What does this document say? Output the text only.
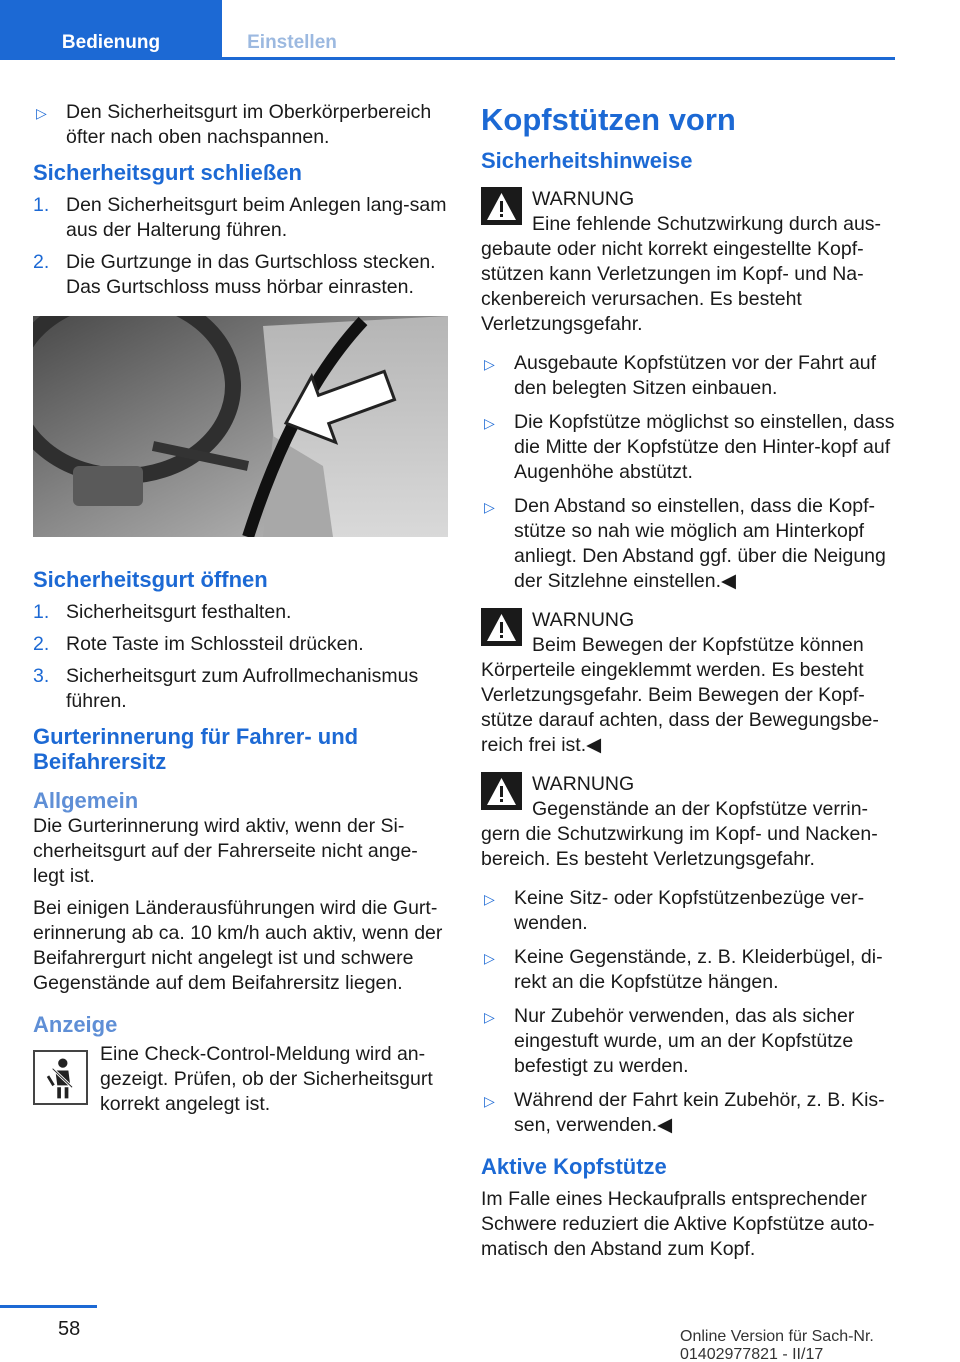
Bedienung	Einstellen
▷ Den Sicherheitsgurt im Oberkörperbereich öfter nach oben nachspannen.
Sicherheitsgurt schließen
1. Den Sicherheitsgurt beim Anlegen lang‐sam aus der Halterung führen.
2. Die Gurtzunge in das Gurtschloss stecken. Das Gurtschloss muss hörbar einrasten.
Sicherheitsgurt öffnen
1. Sicherheitsgurt festhalten.
2. Rote Taste im Schlossteil drücken.
3. Sicherheitsgurt zum Aufrollmechanismus führen.
Gurterinnerung für Fahrer- und Beifahrersitz
Allgemein

Die Gurterinnerung wird aktiv, wenn der Si‐cherheitsgurt auf der Fahrerseite nicht ange‐legt ist.

Bei einigen Länderausführungen wird die Gurt‐erinnerung ab ca. 10 km/h auch aktiv, wenn der Beifahrergurt nicht angelegt ist und schwere Gegenstände auf dem Beifahrersitz liegen.

Anzeige

Eine Check-Control-Meldung wird an‐gezeigt. Prüfen, ob der Sicherheitsgurt korrekt angelegt ist.

Kopfstützen vorn
Sicherheitshinweise

WARNUNG

Eine fehlende Schutzwirkung durch aus‐gebaute oder nicht korrekt eingestellte Kopf‐stützen kann Verletzungen im Kopf- und Na‐ckenbereich verursachen. Es besteht Verletzungsgefahr.

▷ Ausgebaute Kopfstützen vor der Fahrt auf den belegten Sitzen einbauen.
▷ Die Kopfstütze möglichst so einstellen, dass die Mitte der Kopfstütze den Hinter‐kopf auf Augenhöhe abstützt.
▷ Den Abstand so einstellen, dass die Kopf‐stütze so nah wie möglich am Hinterkopf anliegt. Den Abstand ggf. über die Neigung der Sitzlehne einstellen.◀

WARNUNG

Beim Bewegen der Kopfstütze können Körperteile eingeklemmt werden. Es besteht Verletzungsgefahr. Beim Bewegen der Kopf‐stütze darauf achten, dass der Bewegungsbe‐reich frei ist.◀

WARNUNG

Gegenstände an der Kopfstütze verrin‐gern die Schutzwirkung im Kopf- und Nacken‐bereich. Es besteht Verletzungsgefahr.

▷ Keine Sitz- oder Kopfstützenbezüge ver‐wenden.
▷ Keine Gegenstände, z. B. Kleiderbügel, di‐rekt an die Kopfstütze hängen.
▷ Nur Zubehör verwenden, das als sicher eingestuft wurde, um an der Kopfstütze befestigt zu werden.
▷ Während der Fahrt kein Zubehör, z. B. Kis‐sen, verwenden.◀
Aktive Kopfstütze

Im Falle eines Heckaufpralls entsprechender Schwere reduziert die Aktive Kopfstütze auto‐matisch den Abstand zum Kopf.

58	Online Version für Sach-Nr. 01402977821 - II/17
